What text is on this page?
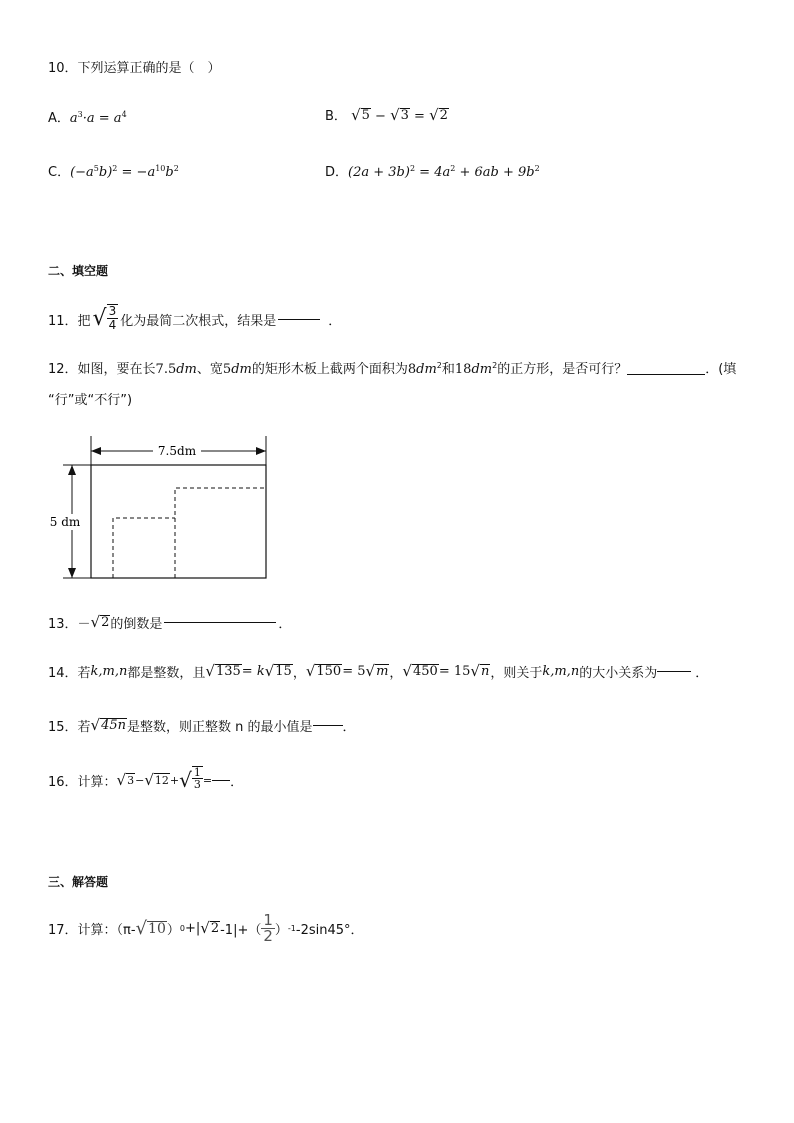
10．下列运算正确的是（　）
A．$a^3\cdot a = a^4$	B． √ 5 − √ 3 = √ 2
C．$(-a^5b)^2 = -a^{10}b^2$	D．$(2a + 3b)^2 = 4a^2 + 6ab + 9b^2$
二、填空题
11．把 √ $\frac{3}{4}$ 化为最简二次根式，结果是	．
12．如图，要在长7.5dm、宽5dm的矩形木板上截两个面积为$8dm^2$和$18dm^2$的正方形，是否可行？	．(填
“行”或“不行”)
7.5dm
5 dm
13．－ √ 2 的倒数是	．
14．若 k,m,n 都是整数，且 √ 135 = k √ 15 ， √ 150 = 5 √ m ， √ 450 = 15 √ n ，则关于 k,m,n 的大小关系为	．
15．若 √ 45n 是整数，则正整数 n 的最小值是 ．
16．计算： √ 3 − √ 12 + √ $\frac{1}{3}$ = ．
三、解答题
17．计算：（π- √ 10 ） 0 +| √ 2 $-1|+( \frac{1}{2}$ ） -1 -2sin45°．
